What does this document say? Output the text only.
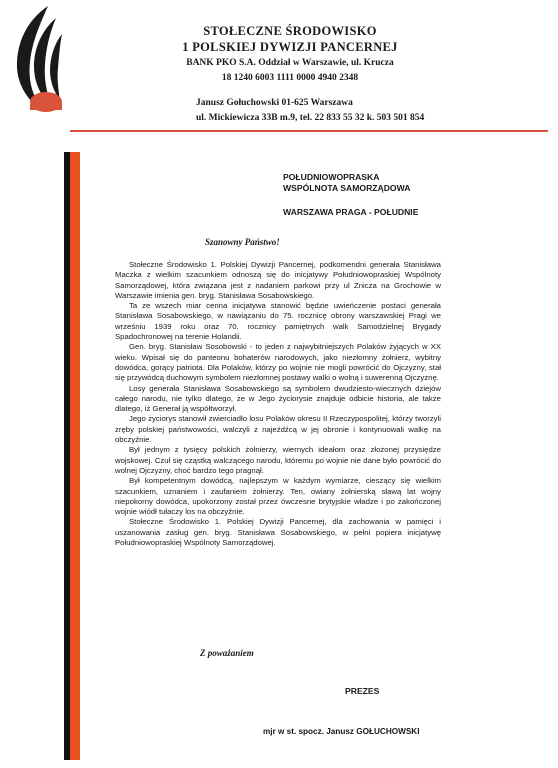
STOŁECZNE ŚRODOWISKO
1 POLSKIEJ DYWIZJI PANCERNEJ
BANK PKO S.A. Oddział w Warszawie, ul. Krucza
18 1240 6003 1111 0000 4940 2348
Janusz Gołuchowski 01-625 Warszawa
ul. Mickiewicza 33B m.9, tel. 22 833 55 32 k. 503 501 854
POŁUDNIOWOPRASKA
WSPÓLNOTA SAMORZĄDOWA
WARSZAWA PRAGA - POŁUDNIE
Szanowny Państwo!

Stołeczne Środowisko 1. Polskiej Dywizji Pancernej, podkomendni generała Stanisława Maczka z wielkim szacunkiem odnoszą się do inicjatywy Południowopraskiej Wspólnoty Samorządowej, która związana jest z nadaniem parkowi przy ul Znicza na Grochowie w Warszawie imienia gen. bryg. Stanisława Sosabowskiego.

Ta ze wszech miar cenna inicjatywa stanowić będzie uwieńczenie postaci generała Stanisława Sosabowskiego, w nawiązaniu do 75. rocznicę obrony warszawskiej Pragi we wrześniu 1939 roku oraz 70. rocznicy pamiętnych walk Samodzielnej Brygady Spadochronowej na terenie Holandii.

Gen. bryg. Stanisław Sosobowski - to jeden z najwybitniejszych Polaków żyjących w XX wieku. Wpisał się do panteonu bohaterów narodowych, jako niezłomny żołnierz, wybitny dowódca, gorący patriota. Dla Polaków, którzy po wojnie nie mogli powrócić do Ojczyzny, stał się przywódcą duchowym symbolem niezłomnej postawy walki o wolną i suwerenną Ojczyznę.

Losy generała Stanisława Sosabowskiego są symbolem dwudziesto-wiecznych dziejów całego narodu, nie tylko dlatego, że w Jego życiorysie znajduje odbicie historia, ale także dlatego, iż Generał ją współtworzył.

Jego życiorys stanowił zwierciadło losu Polaków okresu II Rzeczypospolitej, którzy tworzyli zręby polskiej państwowości, walczyli z najeźdźcą w jej obronie i kontynuowali walkę na obczyźnie.

Był jednym z tysięcy polskich żołnierzy, wiernych ideałom oraz złożonej przysiędze wojskowej. Czuł się cząstką walczącego narodu, któremu po wojnie nie dane było powrócić do wolnej Ojczyzny, choć bardzo tego pragnął.

Był kompetentnym dowódcą, najlepszym w każdym wymiarze, cieszący się wielkim szacunkiem, uznaniem i zaufaniem żołnierzy. Ten, owiany żołnierską sławą lat wojny niepokorny dowódca, upokorzony został przez ówczesne brytyjskie władze i po zakończonej wojnie wiódł tułaczy los na obczyźnie.

Stołeczne Środowisko 1. Polskiej Dywizji Pancernej, dla zachowania w pamięci i uszanowania zasług gen. bryg. Stanisława Sosabowskiego, w pełni popiera inicjatywę Południowopraskiej Wspólnoty Samorządowej.

Z poważaniem
PREZES
mjr w st. spocz. Janusz GOŁUCHOWSKI
